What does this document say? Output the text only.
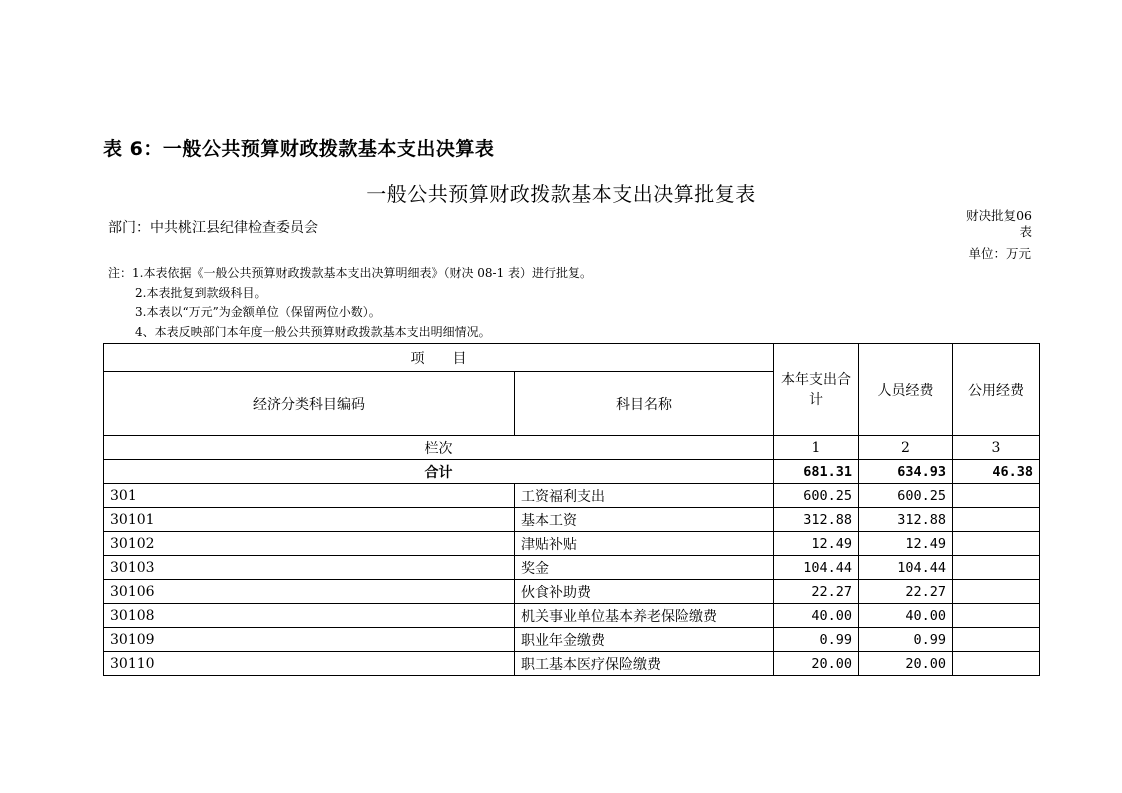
表 6：一般公共预算财政拨款基本支出决算表
一般公共预算财政拨款基本支出决算批复表
部门：中共桃江县纪律检查委员会
财决批复06
表
单位：万元
注：1.本表依据《一般公共预算财政拨款基本支出决算明细表》（财决 08-1 表）进行批复。
2.本表批复到款级科目。
3.本表以“万元”为金额单位（保留两位小数）。
4、本表反映部门本年度一般公共预算财政拨款基本支出明细情况。
项　　目		本年支出合计	人员经费	公用经费
经济分类科目编码	科目名称			
栏次		1	2	3
合计		681.31	634.93	46.38
301	工资福利支出	600.25	600.25	
30101	基本工资	312.88	312.88	
30102	津贴补贴	12.49	12.49	
30103	奖金	104.44	104.44	
30106	伙食补助费	22.27	22.27	
30108	机关事业单位基本养老保险缴费	40.00	40.00	
30109	职业年金缴费	0.99	0.99	
30110	职工基本医疗保险缴费	20.00	20.00	
